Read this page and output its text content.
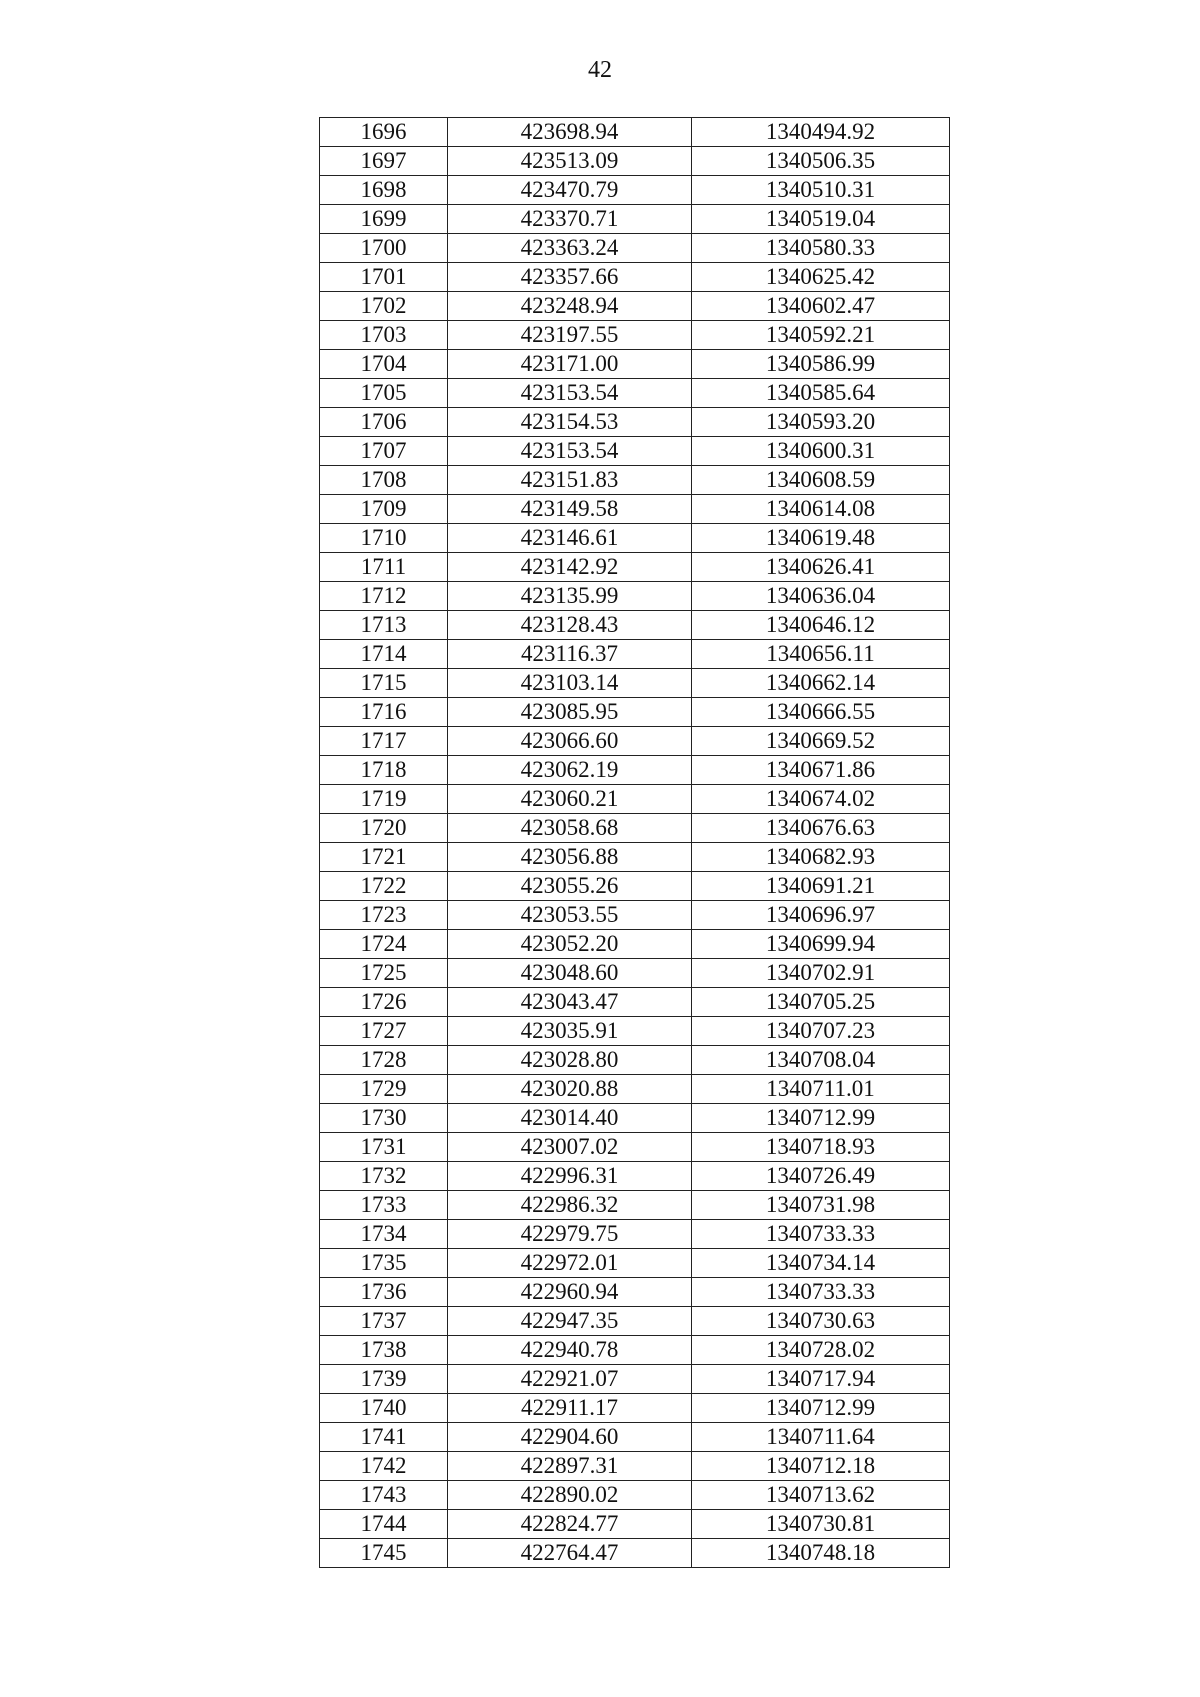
42
1696	423698.94	1340494.92
1697	423513.09	1340506.35
1698	423470.79	1340510.31
1699	423370.71	1340519.04
1700	423363.24	1340580.33
1701	423357.66	1340625.42
1702	423248.94	1340602.47
1703	423197.55	1340592.21
1704	423171.00	1340586.99
1705	423153.54	1340585.64
1706	423154.53	1340593.20
1707	423153.54	1340600.31
1708	423151.83	1340608.59
1709	423149.58	1340614.08
1710	423146.61	1340619.48
1711	423142.92	1340626.41
1712	423135.99	1340636.04
1713	423128.43	1340646.12
1714	423116.37	1340656.11
1715	423103.14	1340662.14
1716	423085.95	1340666.55
1717	423066.60	1340669.52
1718	423062.19	1340671.86
1719	423060.21	1340674.02
1720	423058.68	1340676.63
1721	423056.88	1340682.93
1722	423055.26	1340691.21
1723	423053.55	1340696.97
1724	423052.20	1340699.94
1725	423048.60	1340702.91
1726	423043.47	1340705.25
1727	423035.91	1340707.23
1728	423028.80	1340708.04
1729	423020.88	1340711.01
1730	423014.40	1340712.99
1731	423007.02	1340718.93
1732	422996.31	1340726.49
1733	422986.32	1340731.98
1734	422979.75	1340733.33
1735	422972.01	1340734.14
1736	422960.94	1340733.33
1737	422947.35	1340730.63
1738	422940.78	1340728.02
1739	422921.07	1340717.94
1740	422911.17	1340712.99
1741	422904.60	1340711.64
1742	422897.31	1340712.18
1743	422890.02	1340713.62
1744	422824.77	1340730.81
1745	422764.47	1340748.18
